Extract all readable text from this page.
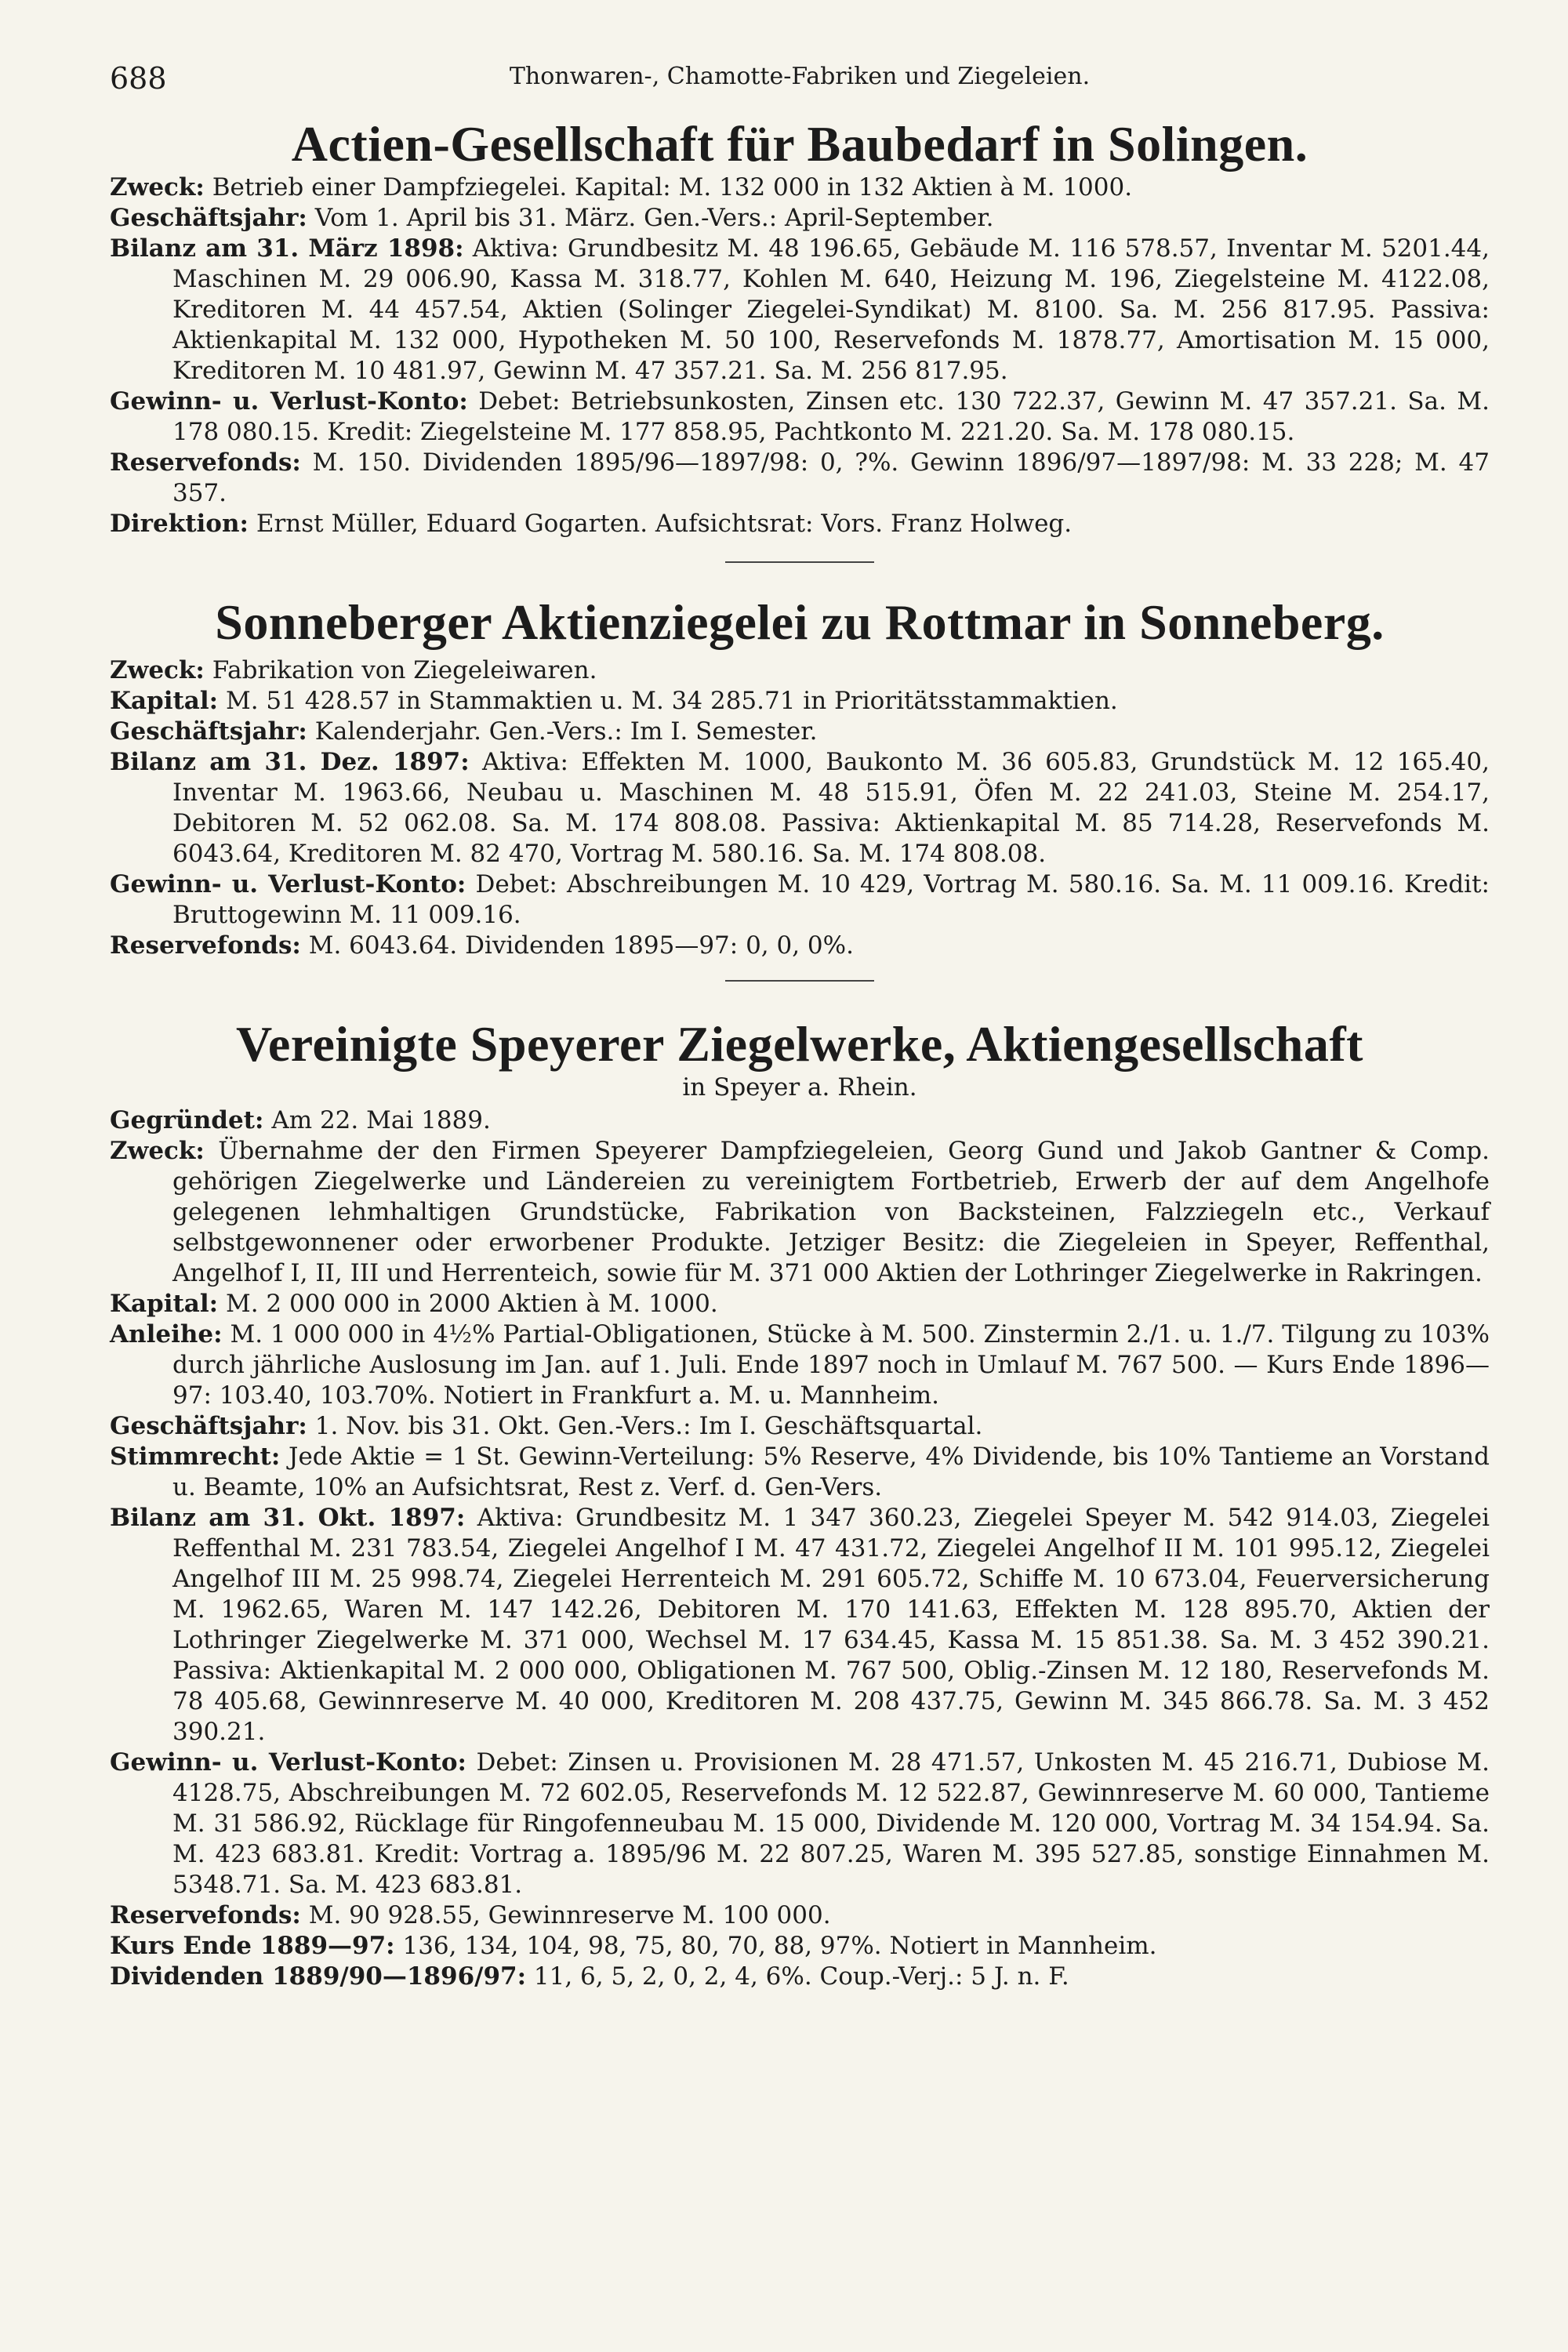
688	Thonwaren-, Chamotte-Fabriken und Ziegeleien.
Actien-Gesellschaft für Baubedarf in Solingen.

Zweck: Betrieb einer Dampfziegelei. Kapital: M. 132 000 in 132 Aktien à M. 1000.

Geschäftsjahr: Vom 1. April bis 31. März. Gen.-Vers.: April-September.

Bilanz am 31. März 1898: Aktiva: Grundbesitz M. 48 196.65, Gebäude M. 116 578.57, Inventar M. 5201.44, Maschinen M. 29 006.90, Kassa M. 318.77, Kohlen M. 640, Heizung M. 196, Ziegelsteine M. 4122.08, Kreditoren M. 44 457.54, Aktien (Solinger Ziegelei-Syndikat) M. 8100. Sa. M. 256 817.95. Passiva: Aktienkapital M. 132 000, Hypotheken M. 50 100, Reservefonds M. 1878.77, Amortisation M. 15 000, Kreditoren M. 10 481.97, Gewinn M. 47 357.21. Sa. M. 256 817.95.

Gewinn- u. Verlust-Konto: Debet: Betriebsunkosten, Zinsen etc. 130 722.37, Gewinn M. 47 357.21. Sa. M. 178 080.15. Kredit: Ziegelsteine M. 177 858.95, Pachtkonto M. 221.20. Sa. M. 178 080.15.

Reservefonds: M. 150. Dividenden 1895/96—1897/98: 0, ?%. Gewinn 1896/97—1897/98: M. 33 228; M. 47 357.

Direktion: Ernst Müller, Eduard Gogarten. Aufsichtsrat: Vors. Franz Holweg.

Sonneberger Aktienziegelei zu Rottmar in Sonneberg.

Zweck: Fabrikation von Ziegeleiwaren.

Kapital: M. 51 428.57 in Stammaktien u. M. 34 285.71 in Prioritätsstammaktien.

Geschäftsjahr: Kalenderjahr. Gen.-Vers.: Im I. Semester.

Bilanz am 31. Dez. 1897: Aktiva: Effekten M. 1000, Baukonto M. 36 605.83, Grundstück M. 12 165.40, Inventar M. 1963.66, Neubau u. Maschinen M. 48 515.91, Öfen M. 22 241.03, Steine M. 254.17, Debitoren M. 52 062.08. Sa. M. 174 808.08. Passiva: Aktienkapital M. 85 714.28, Reservefonds M. 6043.64, Kreditoren M. 82 470, Vortrag M. 580.16. Sa. M. 174 808.08.

Gewinn- u. Verlust-Konto: Debet: Abschreibungen M. 10 429, Vortrag M. 580.16. Sa. M. 11 009.16. Kredit: Bruttogewinn M. 11 009.16.

Reservefonds: M. 6043.64. Dividenden 1895—97: 0, 0, 0%.

Vereinigte Speyerer Ziegelwerke, Aktiengesellschaft
in Speyer a. Rhein.

Gegründet: Am 22. Mai 1889.

Zweck: Übernahme der den Firmen Speyerer Dampfziegeleien, Georg Gund und Jakob Gantner & Comp. gehörigen Ziegelwerke und Ländereien zu vereinigtem Fortbetrieb, Erwerb der auf dem Angelhofe gelegenen lehmhaltigen Grundstücke, Fabrikation von Backsteinen, Falzziegeln etc., Verkauf selbstgewonnener oder erworbener Produkte. Jetziger Besitz: die Ziegeleien in Speyer, Reffenthal, Angelhof I, II, III und Herrenteich, sowie für M. 371 000 Aktien der Lothringer Ziegelwerke in Rakringen.

Kapital: M. 2 000 000 in 2000 Aktien à M. 1000.

Anleihe: M. 1 000 000 in 4½% Partial-Obligationen, Stücke à M. 500. Zinstermin 2./1. u. 1./7. Tilgung zu 103% durch jährliche Auslosung im Jan. auf 1. Juli. Ende 1897 noch in Umlauf M. 767 500. — Kurs Ende 1896—97: 103.40, 103.70%. Notiert in Frankfurt a. M. u. Mannheim.

Geschäftsjahr: 1. Nov. bis 31. Okt. Gen.-Vers.: Im I. Geschäftsquartal.

Stimmrecht: Jede Aktie = 1 St. Gewinn-Verteilung: 5% Reserve, 4% Dividende, bis 10% Tantieme an Vorstand u. Beamte, 10% an Aufsichtsrat, Rest z. Verf. d. Gen-Vers.

Bilanz am 31. Okt. 1897: Aktiva: Grundbesitz M. 1 347 360.23, Ziegelei Speyer M. 542 914.03, Ziegelei Reffenthal M. 231 783.54, Ziegelei Angelhof I M. 47 431.72, Ziegelei Angelhof II M. 101 995.12, Ziegelei Angelhof III M. 25 998.74, Ziegelei Herrenteich M. 291 605.72, Schiffe M. 10 673.04, Feuerversicherung M. 1962.65, Waren M. 147 142.26, Debitoren M. 170 141.63, Effekten M. 128 895.70, Aktien der Lothringer Ziegelwerke M. 371 000, Wechsel M. 17 634.45, Kassa M. 15 851.38. Sa. M. 3 452 390.21. Passiva: Aktienkapital M. 2 000 000, Obligationen M. 767 500, Oblig.-Zinsen M. 12 180, Reservefonds M. 78 405.68, Gewinnreserve M. 40 000, Kreditoren M. 208 437.75, Gewinn M. 345 866.78. Sa. M. 3 452 390.21.

Gewinn- u. Verlust-Konto: Debet: Zinsen u. Provisionen M. 28 471.57, Unkosten M. 45 216.71, Dubiose M. 4128.75, Abschreibungen M. 72 602.05, Reservefonds M. 12 522.87, Gewinnreserve M. 60 000, Tantieme M. 31 586.92, Rücklage für Ringofenneubau M. 15 000, Dividende M. 120 000, Vortrag M. 34 154.94. Sa. M. 423 683.81. Kredit: Vortrag a. 1895/96 M. 22 807.25, Waren M. 395 527.85, sonstige Einnahmen M. 5348.71. Sa. M. 423 683.81.

Reservefonds: M. 90 928.55, Gewinnreserve M. 100 000.

Kurs Ende 1889—97: 136, 134, 104, 98, 75, 80, 70, 88, 97%. Notiert in Mannheim.

Dividenden 1889/90—1896/97: 11, 6, 5, 2, 0, 2, 4, 6%. Coup.-Verj.: 5 J. n. F.
